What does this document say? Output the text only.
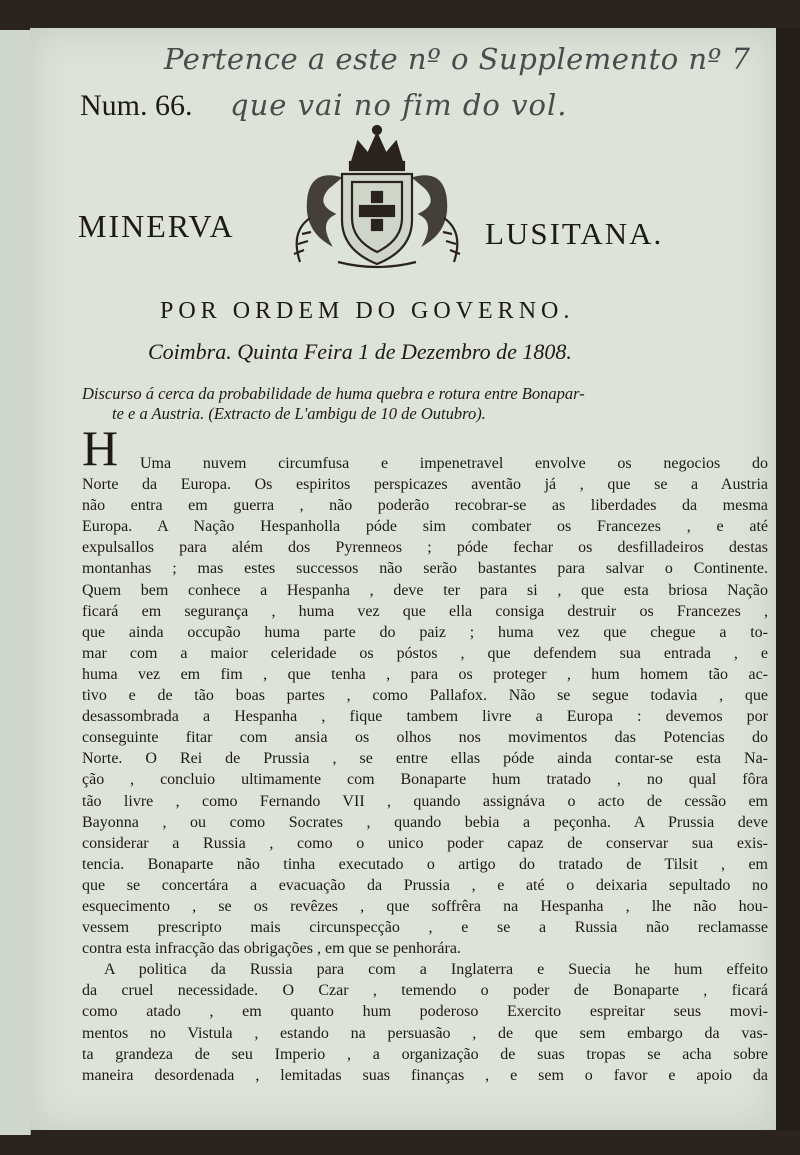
Pertence a este nº o Supplemento nº 7
que vai no fim do vol.
Num. 66.
MINERVA	LUSITANA.
POR ORDEM DO GOVERNO.
Coimbra. Quinta Feira 1 de Dezembro de 1808.
Discurso á cerca da probabilidade de huma quebra e rotura entre Bonapar-
te e a Austria. (Extracto de L'ambigu de 10 de Outubro).
H	Uma nuvem circumfusa e impenetravel envolve os negocios do
Norte da Europa. Os espiritos perspicazes aventão já , que se a Austria
não entra em guerra , não poderão recobrar-se as liberdades da mesma
Europa. A Nação Hespanholla póde sim combater os Francezes , e até
expulsallos para além dos Pyrenneos ; póde fechar os desfilladeiros destas
montanhas ; mas estes successos não serão bastantes para salvar o Continente.
Quem bem conhece a Hespanha , deve ter para si , que esta briosa Nação
ficará em segurança , huma vez que ella consiga destruir os Francezes ,
que ainda occupão huma parte do paiz ; huma vez que chegue a to-
mar com a maior celeridade os póstos , que defendem sua entrada , e
huma vez em fim , que tenha , para os proteger , hum homem tão ac-
tivo e de tão boas partes , como Pallafox. Não se segue todavia , que
desassombrada a Hespanha , fique tambem livre a Europa : devemos por
conseguinte fitar com ansia os olhos nos movimentos das Potencias do
Norte. O Rei de Prussia , se entre ellas póde ainda contar-se esta Na-
ção , concluio ultimamente com Bonaparte hum tratado , no qual fôra
tão livre , como Fernando VII , quando assignáva o acto de cessão em
Bayonna , ou como Socrates , quando bebia a peçonha. A Prussia deve
considerar a Russia , como o unico poder capaz de conservar sua exis-
tencia. Bonaparte não tinha executado o artigo do tratado de Tilsit , em
que se concertára a evacuação da Prussia , e até o deixaria sepultado no
esquecimento , se os revêzes , que soffrêra na Hespanha , lhe não hou-
vessem prescripto mais circunspecção , e se a Russia não reclamasse
contra esta infracção das obrigações , em que se penhorára.
A politica da Russia para com a Inglaterra e Suecia he hum effeito
da cruel necessidade. O Czar , temendo o poder de Bonaparte , ficará
como atado , em quanto hum poderoso Exercito espreitar seus movi-
mentos no Vistula , estando na persuasão , de que sem embargo da vas-
ta grandeza de seu Imperio , a organização de suas tropas se acha sobre
maneira desordenada , lemitadas suas finanças , e sem o favor e apoio da
